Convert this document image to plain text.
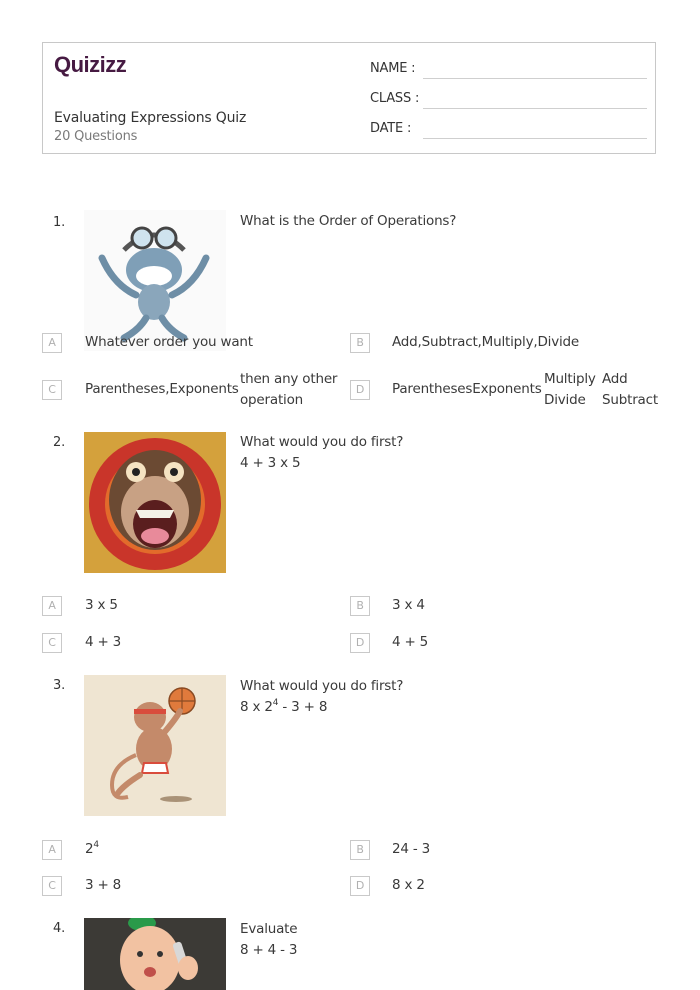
Quizizz
Evaluating Expressions Quiz
20 Questions
NAME :
CLASS :
DATE :
1.	What is the Order of Operations?
A	Whatever order you want	B	Add,Subtract,Multiply,Divide
C	Parentheses,Exponents
then any other
operation
D	ParenthesesExponents
Multiply
Divide
Add
Subtract
2.	What would you do first?
4 + 3 x 5
A	3 x 5	B	3 x 4
C	4 + 3	D	4 + 5
3.	What would you do first?
8 x $2^4 - 3 + 8$
A	$2^4$	B	24 - 3
C	3 + 8	D	8 x 2
4.	Evaluate
8 + 4 - 3
